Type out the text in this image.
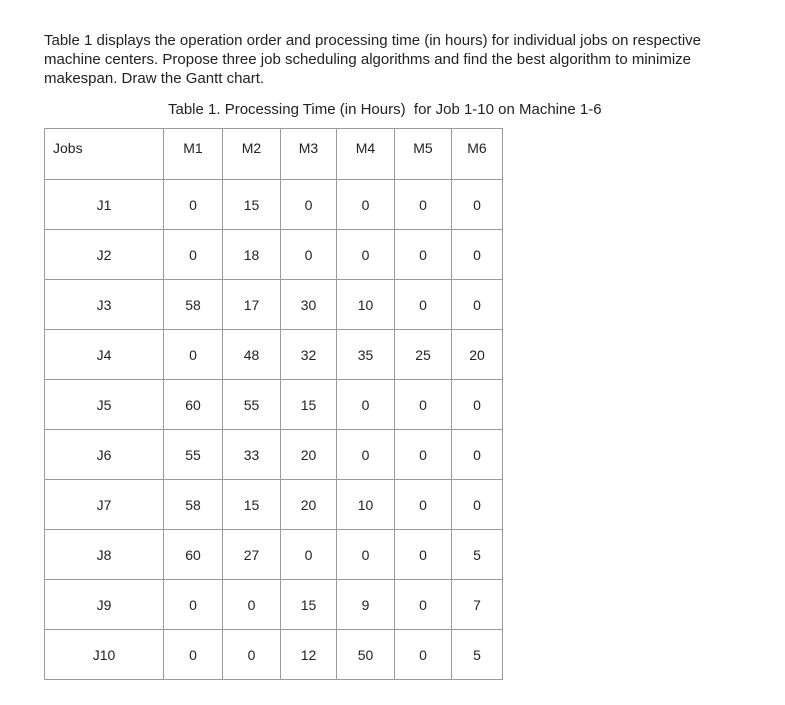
Table 1 displays the operation order and processing time (in hours) for individual jobs on respective machine centers. Propose three job scheduling algorithms and find the best algorithm to minimize makespan. Draw the Gantt chart.

Table 1. Processing Time (in Hours)  for Job 1-10 on Machine 1-6

Jobs	M1	M2	M3	M4	M5	M6
J1	0	15	0	0	0	0
J2	0	18	0	0	0	0
J3	58	17	30	10	0	0
J4	0	48	32	35	25	20
J5	60	55	15	0	0	0
J6	55	33	20	0	0	0
J7	58	15	20	10	0	0
J8	60	27	0	0	0	5
J9	0	0	15	9	0	7
J10	0	0	12	50	0	5
